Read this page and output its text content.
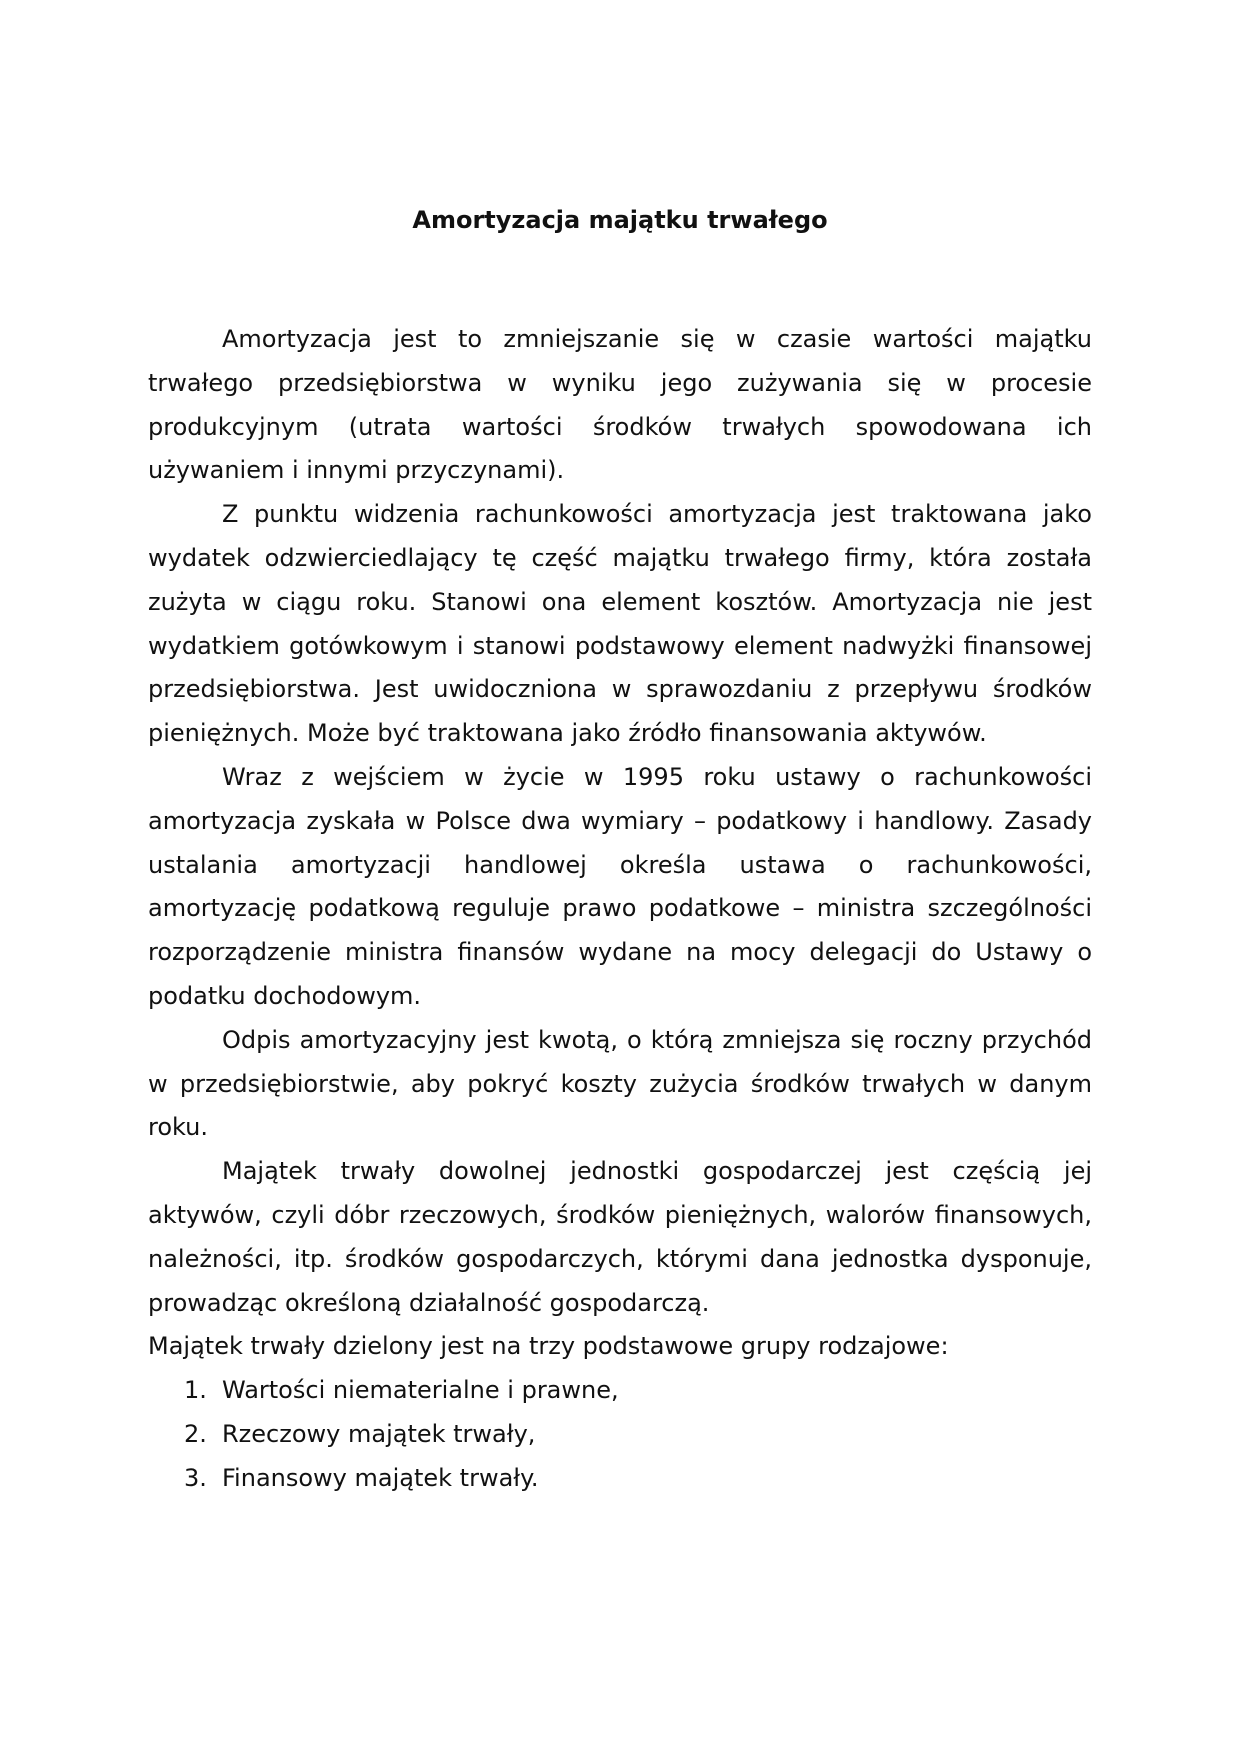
Amortyzacja majątku trwałego

Amortyzacja jest to zmniejszanie się w czasie wartości majątku trwałego przedsiębiorstwa w wyniku jego zużywania się w procesie produkcyjnym (utrata wartości środków trwałych spowodowana ich używaniem i innymi przyczynami).

Z punktu widzenia rachunkowości amortyzacja jest traktowana jako wydatek odzwierciedlający tę część majątku trwałego firmy, która została zużyta w ciągu roku. Stanowi ona element kosztów. Amortyzacja nie jest wydatkiem gotówkowym i stanowi podstawowy element nadwyżki finansowej przedsiębiorstwa. Jest uwidoczniona w sprawozdaniu z przepływu środków pieniężnych. Może być traktowana jako źródło finansowania aktywów.

Wraz z wejściem w życie w 1995 roku ustawy o rachunkowości amortyzacja zyskała w Polsce dwa wymiary – podatkowy i handlowy. Zasady ustalania amortyzacji handlowej określa ustawa o rachunkowości, amortyzację podatkową reguluje prawo podatkowe – ministra szczególności rozporządzenie ministra finansów wydane na mocy delegacji do Ustawy o podatku dochodowym.

Odpis amortyzacyjny jest kwotą, o którą zmniejsza się roczny przychód w przedsiębiorstwie, aby pokryć koszty zużycia środków trwałych w danym roku.

Majątek trwały dowolnej jednostki gospodarczej jest częścią jej aktywów, czyli dóbr rzeczowych, środków pieniężnych, walorów finansowych, należności, itp. środków gospodarczych, którymi dana jednostka dysponuje, prowadząc określoną działalność gospodarczą.

Majątek trwały dzielony jest na trzy podstawowe grupy rodzajowe:

1. Wartości niematerialne i prawne,
2. Rzeczowy majątek trwały,
3. Finansowy majątek trwały.
